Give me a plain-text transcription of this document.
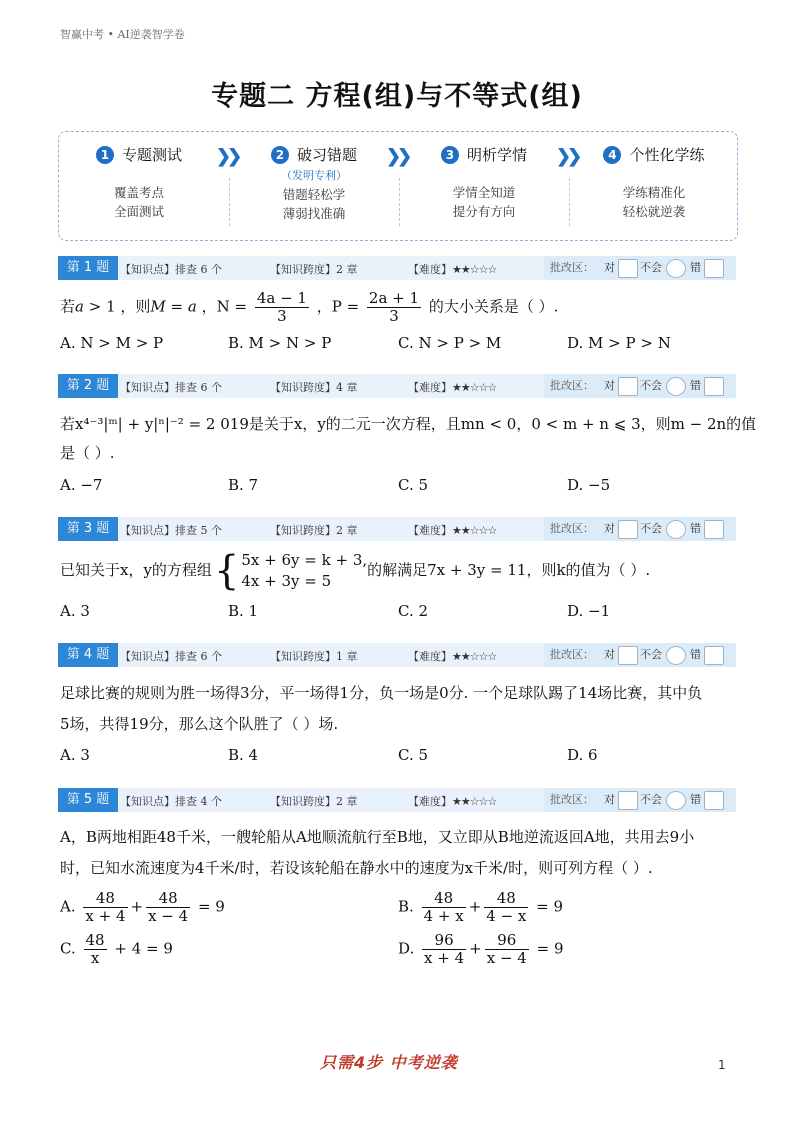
智赢中考 • AI逆袭智学卷
专题二 方程(组)与不等式(组)
1 专题测试
覆盖考点
全面测试
❯❯	2 破习错题
（发明专利）
错题轻松学
薄弱找准确
❯❯	3 明析学情
学情全知道
提分有方向
❯❯	4 个性化学练
学练精准化
轻松就逆袭
第 1 题 【知识点】排查 6 个	【知识跨度】2 章	【难度】★★☆☆☆	批改区： 对 不会	错
若a > 1 ，则M = a ，$N = \frac{4a - 1}{3}$ ，$P = \frac{2a + 1}{3}$ 的大小关系是（ ）.
A. N > M > P	B. M > N > P	C. N > P > M	D. M > P > N
第 2 题 【知识点】排查 6 个	【知识跨度】4 章	【难度】★★☆☆☆	批改区： 对 不会	错
若x⁴⁻³|ᵐ| + y|ⁿ|⁻² = 2 019是关于x，y的二元一次方程，且mn < 0，0 < m + n ⩽ 3，则m − 2n的值
是（ ）.
A. −7	B. 7	C. 5	D. −5
第 3 题 【知识点】排查 5 个	【知识跨度】2 章	【难度】★★☆☆☆	批改区： 对 不会	错
已知关于x，y的方程组{ 5x + 6y = k + 3,
4x + 3y = 5
的解满足7x + 3y = 11，则k的值为（ ）.
A. 3	B. 1	C. 2	D. −1
第 4 题 【知识点】排查 6 个	【知识跨度】1 章	【难度】★★☆☆☆	批改区： 对 不会	错
足球比赛的规则为胜一场得3分，平一场得1分，负一场是0分. 一个足球队踢了14场比赛，其中负
5场，共得19分，那么这个队胜了（ ）场.
A. 3	B. 4	C. 5	D. 6
第 5 题 【知识点】排查 4 个	【知识跨度】2 章	【难度】★★☆☆☆	批改区： 对 不会	错
A，B两地相距48千米，一艘轮船从A地顺流航行至B地，又立即从B地逆流返回A地，共用去9小
时，已知水流速度为4千米/时，若设该轮船在静水中的速度为x千米/时，则可列方程（ ）.
A. $\frac{48}{x + 4} + \frac{48}{x - 4} = 9$	B. $\frac{48}{4 + x} + \frac{48}{4 - x} = 9$
C. $\frac{48}{x} + 4 = 9$	D. $\frac{96}{x + 4} + \frac{96}{x - 4} = 9$
只需4步 中考逆袭	1
